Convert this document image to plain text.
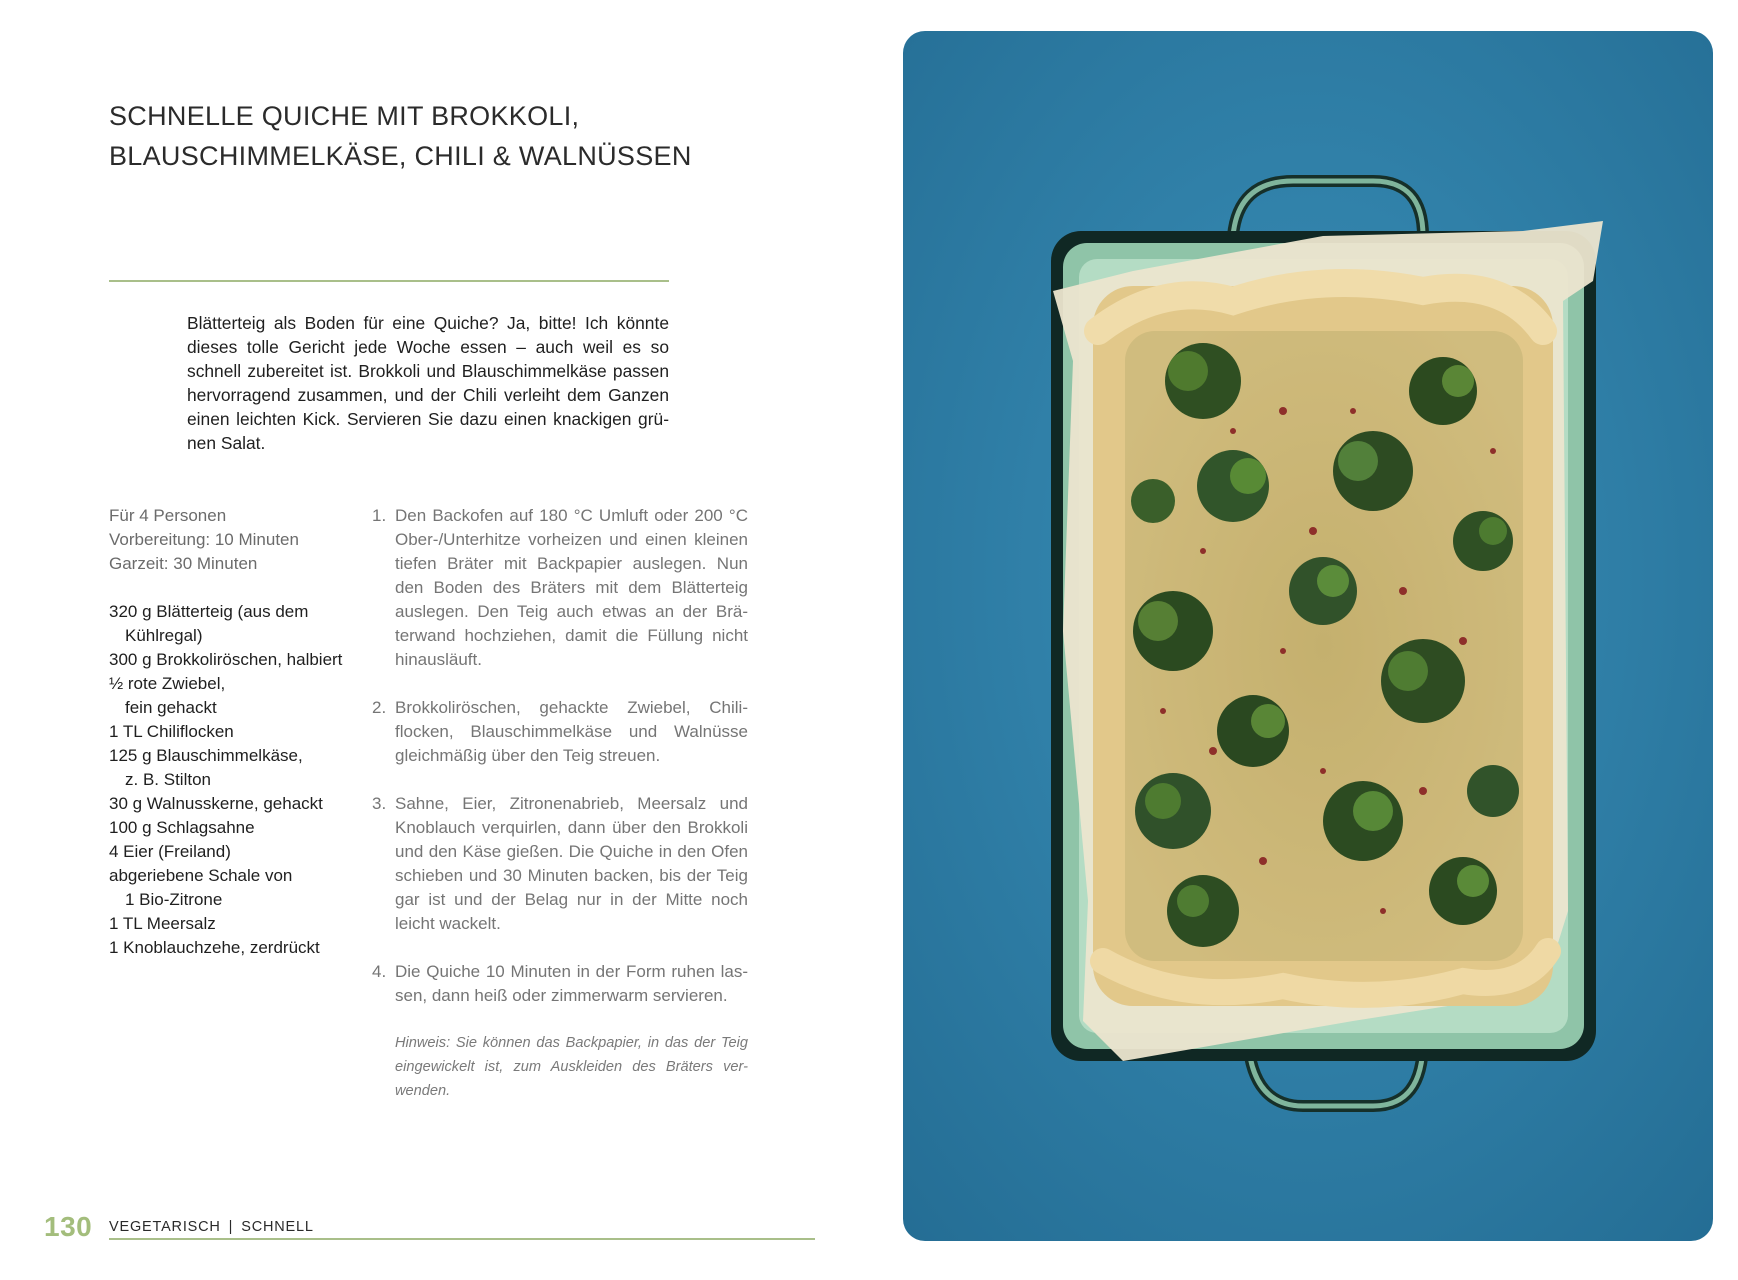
SCHNELLE QUICHE MIT BROKKOLI,
BLAUSCHIMMELKÄSE, CHILI & WALNÜSSEN
Blätterteig als Boden für eine Quiche? Ja, bitte! Ich könnte
dieses tolle Gericht jede Woche essen – auch weil es so
schnell zubereitet ist. Brokkoli und Blauschimmelkäse passen
hervorragend zusammen, und der Chili verleiht dem Ganzen
einen leichten Kick. Servieren Sie dazu einen knackigen grü-
nen Salat.
Für 4 Personen
Vorbereitung: 10 Minuten
Garzeit: 30 Minuten
320 g Blätterteig (aus dem
Kühlregal)
300 g Brokkoliröschen, halbiert
½ rote Zwiebel,
fein gehackt
1 TL Chiliflocken
125 g Blauschimmelkäse,
z. B. Stilton
30 g Walnusskerne, gehackt
100 g Schlagsahne
4 Eier (Freiland)
abgeriebene Schale von
1 Bio-Zitrone
1 TL Meersalz
1 Knoblauchzehe, zerdrückt
1. Den Backofen auf 180 °C Umluft oder 200 °C
Ober-/Unterhitze vorheizen und einen kleinen
tiefen Bräter mit Backpapier auslegen. Nun
den Boden des Bräters mit dem Blätterteig
auslegen. Den Teig auch etwas an der Brä-
terwand hochziehen, damit die Füllung nicht
hinausläuft.
2. Brokkoliröschen, gehackte Zwiebel, Chili-
flocken, Blauschimmelkäse und Walnüsse
gleichmäßig über den Teig streuen.
3. Sahne, Eier, Zitronenabrieb, Meersalz und
Knoblauch verquirlen, dann über den Brokkoli
und den Käse gießen. Die Quiche in den Ofen
schieben und 30 Minuten backen, bis der Teig
gar ist und der Belag nur in der Mitte noch
leicht wackelt.
4. Die Quiche 10 Minuten in der Form ruhen las-
sen, dann heiß oder zimmerwarm servieren.
Hinweis: Sie können das Backpapier, in das der Teig
eingewickelt ist, zum Auskleiden des Bräters ver-
wenden.
130 VEGETARISCH | SCHNELL
